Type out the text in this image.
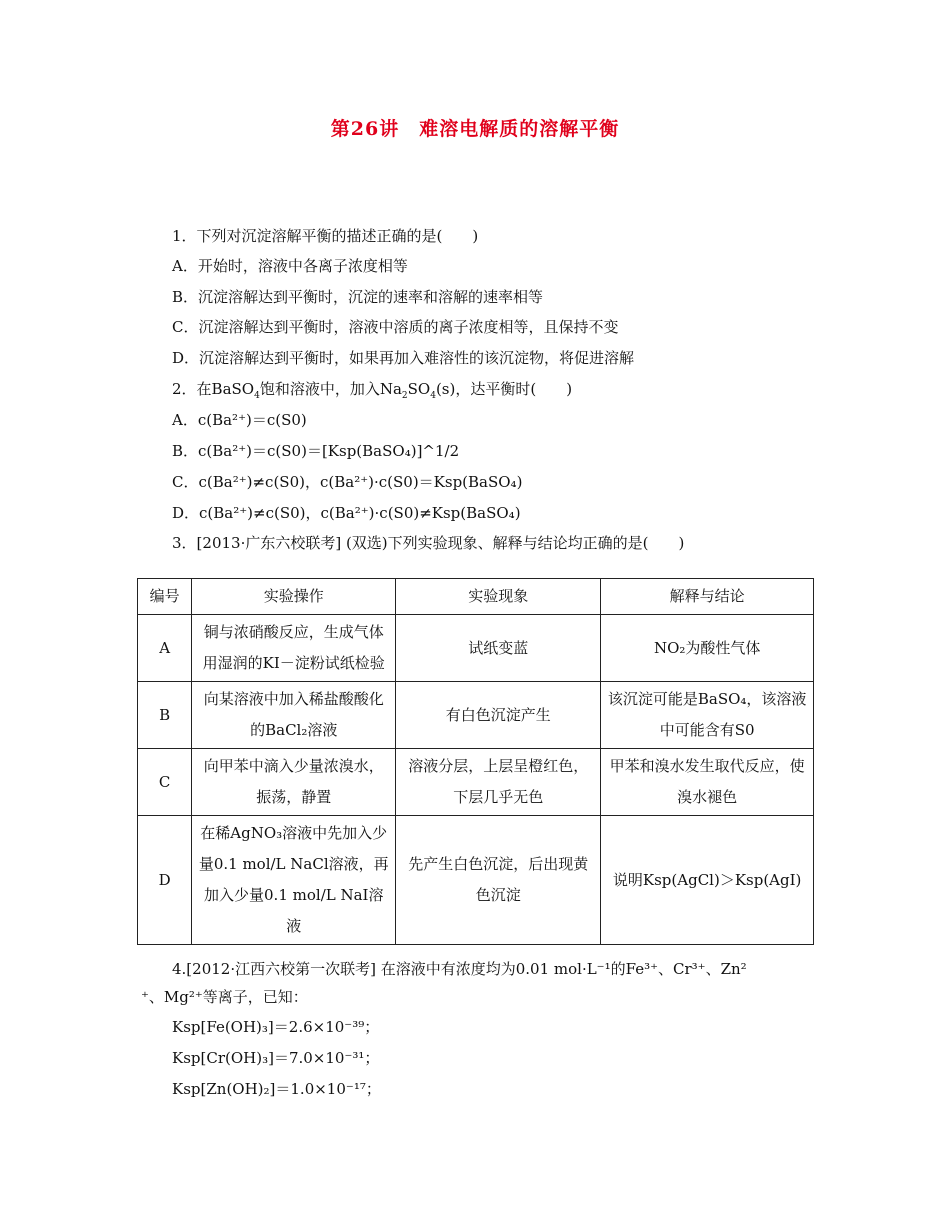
第26讲　难溶电解质的溶解平衡
1．下列对沉淀溶解平衡的描述正确的是(　　)
A．开始时，溶液中各离子浓度相等
B．沉淀溶解达到平衡时，沉淀的速率和溶解的速率相等
C．沉淀溶解达到平衡时，溶液中溶质的离子浓度相等，且保持不变
D．沉淀溶解达到平衡时，如果再加入难溶性的该沉淀物，将促进溶解
2．在BaSO$_4$饱和溶液中，加入$Na_2SO_4(s)$，达平衡时(　　)
A．c(Ba²⁺)＝c(S0)
B．c(Ba²⁺)＝c(S0)＝[Ksp(BaSO₄)]^1/2
C．c(Ba²⁺)≠c(S0)，c(Ba²⁺)·c(S0)＝Ksp(BaSO₄)
D．c(Ba²⁺)≠c(S0)，c(Ba²⁺)·c(S0)≠Ksp(BaSO₄)
3．[2013·广东六校联考] (双选)下列实验现象、解释与结论均正确的是(　　)
编号	实验操作	实验现象	解释与结论
A	铜与浓硝酸反应，生成气体用湿润的KI－淀粉试纸检验	试纸变蓝	NO₂为酸性气体
B	向某溶液中加入稀盐酸酸化的BaCl₂溶液	有白色沉淀产生	该沉淀可能是BaSO₄，该溶液中可能含有S0
C	向甲苯中滴入少量浓溴水，振荡，静置	溶液分层，上层呈橙红色，下层几乎无色	甲苯和溴水发生取代反应，使溴水褪色
D	在稀AgNO₃溶液中先加入少量0.1 mol/L NaCl溶液，再加入少量0.1 mol/L NaI溶液	先产生白色沉淀，后出现黄色沉淀	说明Ksp(AgCl)＞Ksp(AgI)
4.[2012·江西六校第一次联考] 在溶液中有浓度均为0.01 mol·L⁻¹的Fe³⁺、Cr³⁺、Zn²
⁺、Mg²⁺等离子，已知：
Ksp[Fe(OH)₃]＝2.6×10⁻³⁹；
Ksp[Cr(OH)₃]＝7.0×10⁻³¹；
Ksp[Zn(OH)₂]＝1.0×10⁻¹⁷；
